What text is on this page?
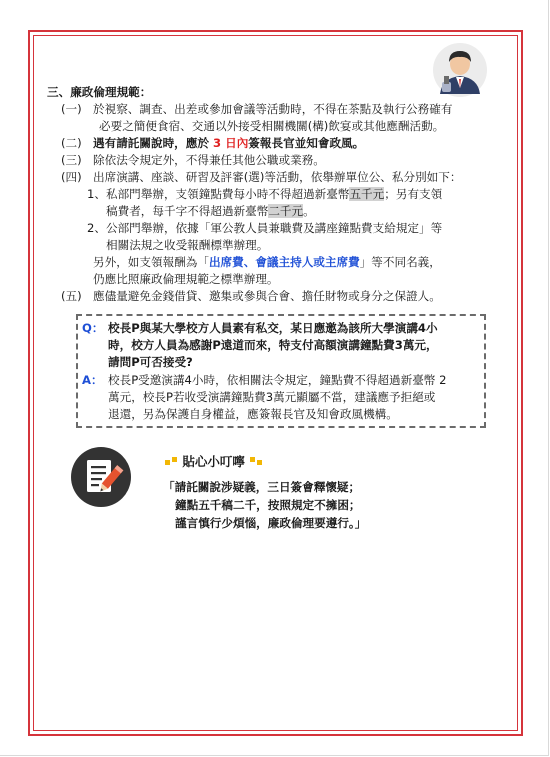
三、廉政倫理規範：
(一) 於視察、調查、出差或參加會議等活動時，不得在茶點及執行公務確有
必要之簡便食宿、交通以外接受相關機關(構)飲宴或其他應酬活動。
(二) 遇有請託關說時，應於 3 日內簽報長官並知會政風。
(三) 除依法令規定外，不得兼任其他公職或業務。
(四) 出席演講、座談、研習及評審(選)等活動，依舉辦單位公、私分別如下：
1、私部門舉辦，支領鐘點費每小時不得超過新臺幣五千元；另有支領
稿費者，每千字不得超過新臺幣二千元。
2、公部門舉辦，依據「軍公教人員兼職費及講座鐘點費支給規定」等
相關法規之收受報酬標準辦理。
另外，如支領報酬為「出席費、會議主持人或主席費」等不同名義，
仍應比照廉政倫理規範之標準辦理。
(五) 應儘量避免金錢借貸、邀集或參與合會、擔任財物或身分之保證人。
Q： 校長P與某大學校方人員素有私交，某日應邀為該所大學演講4小
時，校方人員為感謝P遠道而來，特支付高額演講鐘點費3萬元，
請問P可否接受?
A： 校長P受邀演講4小時，依相關法令規定，鐘點費不得超過新臺幣 2
萬元，校長P若收受演講鐘點費3萬元顯屬不當，建議應予拒絕或
退還，另為保護自身權益，應簽報長官及知會政風機構。
貼心小叮嚀
「請託關說涉疑義，三日簽會釋懷疑；
鐘點五千稿二千，按照規定不擁困；
謹言慎行少煩惱，廉政倫理要遵行。」
